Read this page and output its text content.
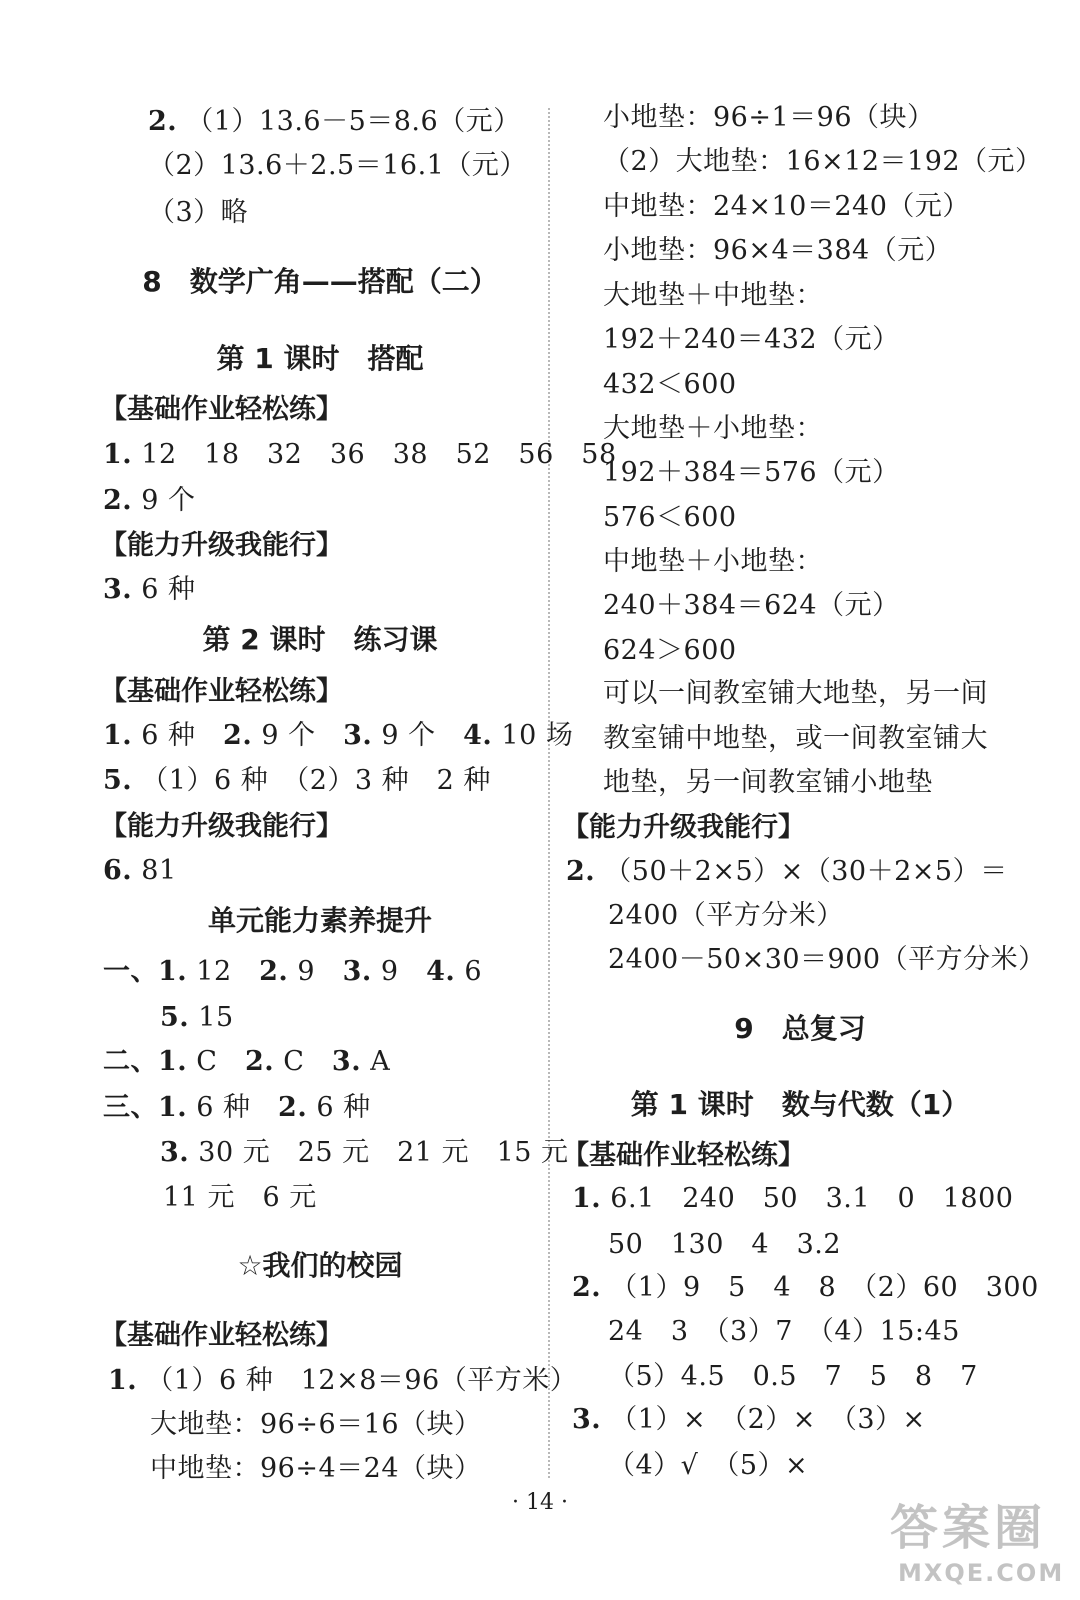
2. （1）13.6－5＝8.6（元）
（2）13.6＋2.5＝16.1（元）
（3）略
8　数学广角——搭配（二）
第 1 课时　搭配
【基础作业轻松练】
1. 12　18　32　36　38　52　56　58
2. 9 个
【能力升级我能行】
3. 6 种
第 2 课时　练习课
【基础作业轻松练】
1. 6 种　 2. 9 个　 3. 9 个　 4. 10 场
5. （1）6 种　（2）3 种　2 种
【能力升级我能行】
6. 81
单元能力素养提升
一、1. 12　 2. 9　 3. 9　 4. 6
5. 15
二、1. C　 2. C　 3. A
三、1. 6 种　 2. 6 种
3. 30 元　25 元　21 元　15 元
11 元　6 元
☆我们的校园
【基础作业轻松练】
1. （1）6 种　12×8＝96（平方米）
大地垫：96÷6＝16（块）
中地垫：96÷4＝24（块）
小地垫：96÷1＝96（块）
（2）大地垫：16×12＝192（元）
中地垫：24×10＝240（元）
小地垫：96×4＝384（元）
大地垫＋中地垫：
192＋240＝432（元）
432＜600
大地垫＋小地垫：
192＋384＝576（元）
576＜600
中地垫＋小地垫：
240＋384＝624（元）
624＞600
可以一间教室铺大地垫，另一间
教室铺中地垫，或一间教室铺大
地垫，另一间教室铺小地垫
【能力升级我能行】
2. （50＋2×5）×（30＋2×5）＝
2400（平方分米）
2400－50×30＝900（平方分米）
9　总复习
第 1 课时　数与代数（1）
【基础作业轻松练】
1. 6.1　240　50　3.1　0　1800
50　130　4　3.2
2. （1）9　5　4　8　（2）60　300
24　3　（3）7　（4）15:45
（5）4.5　0.5　7　5　8　7
3. （1）×　（2）×　（3）×
（4）√　（5）×
· 14 ·	答案圈
MXQE.COM
